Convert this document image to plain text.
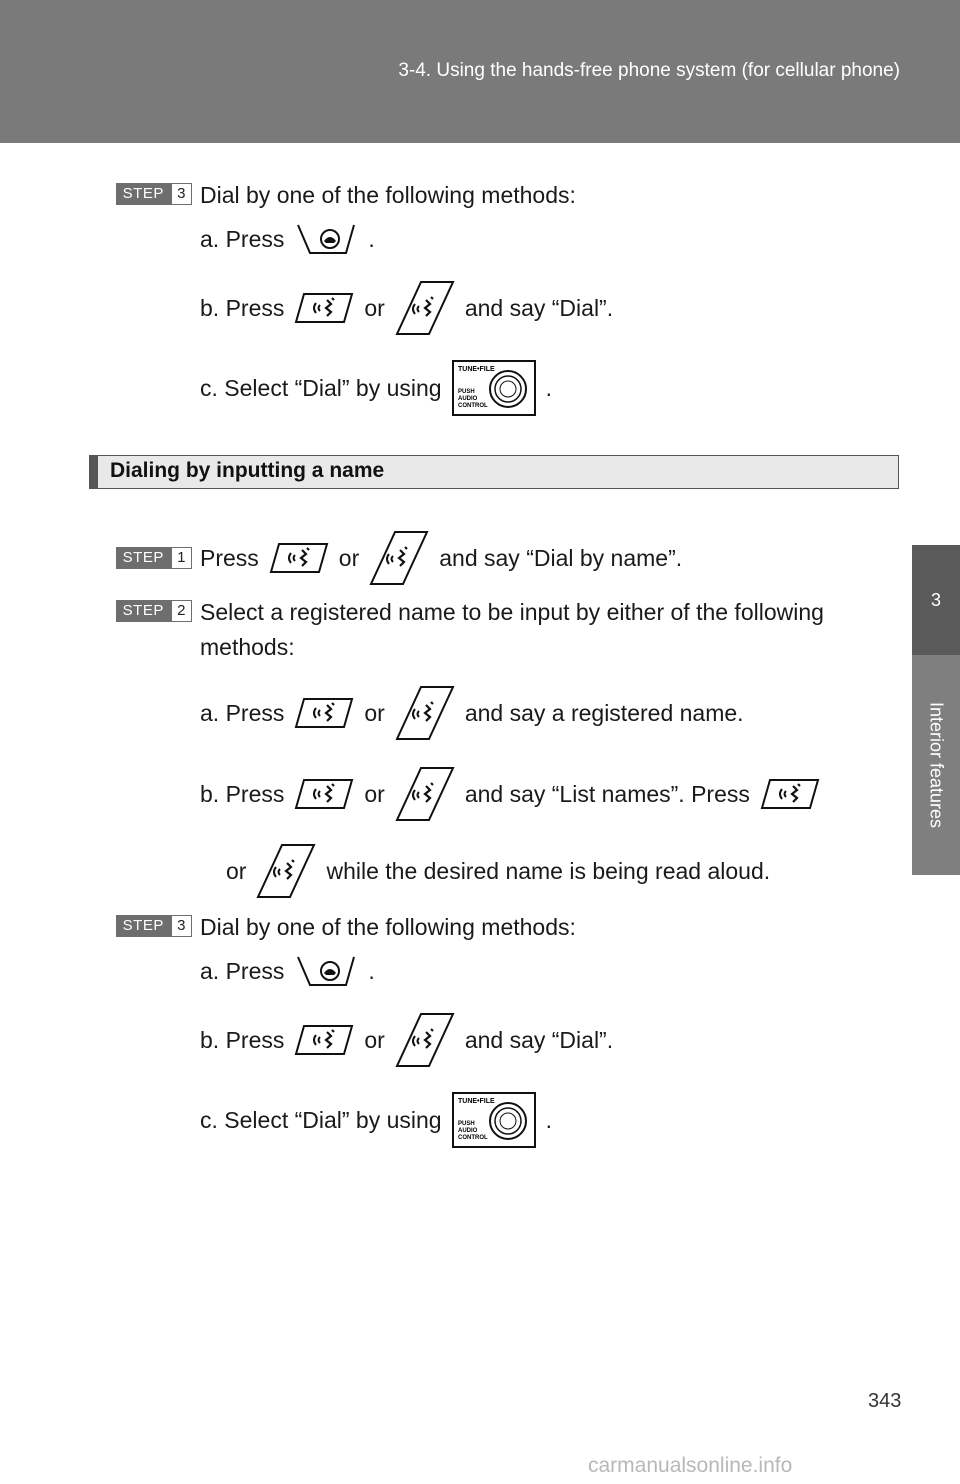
3-4. Using the hands-free phone system (for cellular phone)
3
Interior features
STEP 3 Dial by one of the following methods:
a. Press	.
b. Press	or	and say “Dial”.
c. Select “Dial” by using
TUNE•FILE
PUSH
AUDIO
CONTROL
.
Dialing by inputting a name
STEP 1 Press	or	and say “Dial by name”.
STEP 2 Select a registered name to be input by either of the following
methods:
a. Press	or	and say a registered name.
b. Press	or	and say “List names”. Press
or	while the desired name is being read aloud.
STEP 3 Dial by one of the following methods:
a. Press	.
b. Press	or	and say “Dial”.
c. Select “Dial” by using
TUNE•FILE
PUSH
AUDIO
CONTROL
.
343
carmanualsonline.info
